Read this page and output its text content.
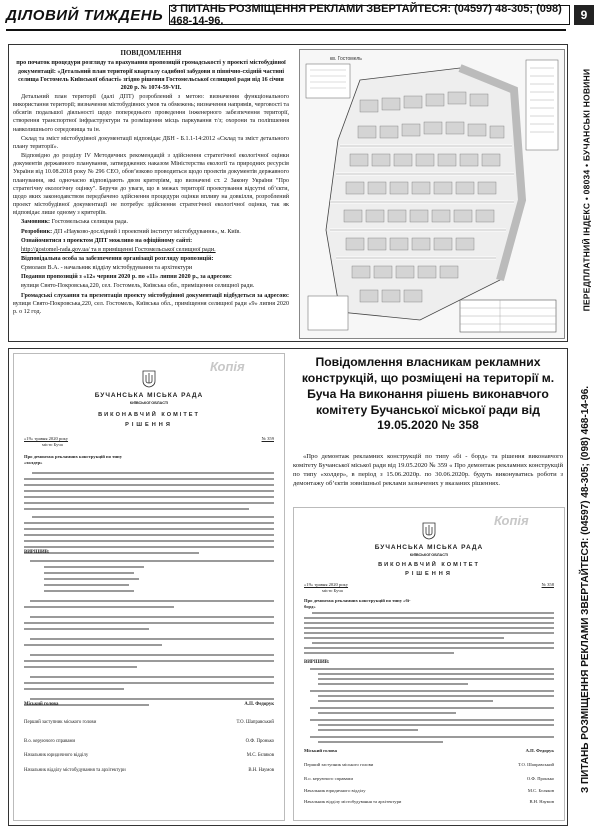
ДІЛОВИЙ ТИЖДЕНЬ З ПИТАНЬ РОЗМІЩЕННЯ РЕКЛАМИ ЗВЕРТАЙТЕСЯ: (04597) 48-305; (098) 468-14-96.	9
ПЕРЕДПЛАТНИЙ ІНДЕКС • 08034 • БУЧАНСЬКІ НОВИНИ
З ПИТАНЬ РОЗМІЩЕННЯ РЕКЛАМИ ЗВЕРТАЙТЕСЯ: (04597) 48-305; (098) 468-14-96.

ПОВІДОМЛЕННЯ

про початок процедури розгляду та врахування пропозицій громадськості у проекті містобудівної документації: «Детальний план території кварталу садибної забудови в північно-східній частині селища Гостомель Київської області» згідно рішення Гостомельської селищної ради від 16 січня 2020 р. № 1074-59-VII.

Детальний план території (далі ДПТ) розроблений з метою: визначення функціонального використання території; визначення містобудівних умов та обмежень; визначення напрямів, черговості та обсягів подальшої діяльності щодо попереднього проведення інженерного забезпечення території, створення транспортної інфраструктури та розміщення місць паркування т/з; охорони та поліпшення навколишнього середовища та ін.

Склад та зміст містобудівної документації відповідає ДБН - Б.1.1-14:2012 «Склад та зміст детального плану території».

Відповідно до розділу IV Методичних рекомендацій з здійснення стратегічної екологічної оцінки документів державного планування, затверджених наказом Міністерства екології та природних ресурсів України від 10.08.2018 року № 296 СЕО, обов’язково проводиться щодо проектів документів державного планування, які одночасно відповідають двом критеріям, що визначені ст. 2 Закону України "Про стратегічну екологічну оцінку". Беручи до уваги, що в межах території проектування відсутні об’єкти, щодо яких законодавством передбачено здійснення процедури оцінки впливу на довкілля, розроблений проект містобудівної документації не потребує здійснення стратегічної екологічної оцінки, так як відповідає лише одному з критеріїв.

Замовник: Гостомельська селищна рада.

Розробник: ДП «Науково-дослідний і проектний інститут містобудування», м. Київ.

Ознайомитися з проектом ДПТ можливо на офіційному сайті:

http://gostomel-rada.gov.ua/ та в приміщенні Гостомельської селищної ради.

Відповідальна особа за забезпечення організації розгляду пропозицій:

Єрмолаєв В.А. - начальник відділу містобудування та архітектури

Подання пропозицій з «12» червня 2020 р. по «11» липня 2020 р., за адресою:

вулиця Свято-Покровська,220, сел. Гостомель, Київська обл., приміщення селищної ради.

Громадські слухання та презентація проекту містобудівної документації відбудеться за адресою: вулиця Свято-Покровська,220, сел. Гостомель, Київська обл., приміщення селищної ради «9» липня 2020 р. о 12 год.

кв. Гостомель
Копія
БУЧАНСЬКА МІСЬКА РАДА
КИЇВСЬКОЇ ОБЛАСТІ
ВИКОНАВЧИЙ КОМІТЕТ
РІШЕННЯ
«19» травня 2020 року	№ 359
місто Буча
Про демонтаж рекламних конструкцій по типу «холдер»
ВИРІШИВ:
Міський голова	А.П. Федорук
Перший заступник міського голови	Т.О. Шаправський
В.о. керуючого справами	О.Ф. Пронько
Начальник юридичного відділу	М.С. Бєляков
Начальник відділу містобудування та архітектури	В.Н. Наумов
Повідомлення власникам рекламних конструкцій, що розміщені на території м. Буча На виконання рішень виконавчого комітету Бучанської міської ради від 19.05.2020 № 358
«Про демонтаж рекламних конструкцій по типу «бі - борд» та рішення виконавчого комітету Бучанської міської ради від 19.05.2020 № 359 « Про демонтаж рекламних конструкцій по типу «холдер», в період з 15.06.2020р. по 30.06.2020р. будуть виконуватись роботи з демонтажу об’єктів зовнішньої реклами зазначених у вказаних рішеннях.
Копія
БУЧАНСЬКА МІСЬКА РАДА
КИЇВСЬКОЇ ОБЛАСТІ
ВИКОНАВЧИЙ КОМІТЕТ
РІШЕННЯ
«19» травня 2020 року	№ 358
місто Буча
Про демонтаж рекламних конструкцій по типу «бі-борд»
ВИРІШИВ:
Міський голова	А.П. Федорук
Перший заступник міського голови	Т.О. Шаправський
В.о. керуючого справами	О.Ф. Пронько
Начальник юридичного відділу	М.С. Бєляков
Начальник відділу містобудування та архітектури	В.Н. Наумов
